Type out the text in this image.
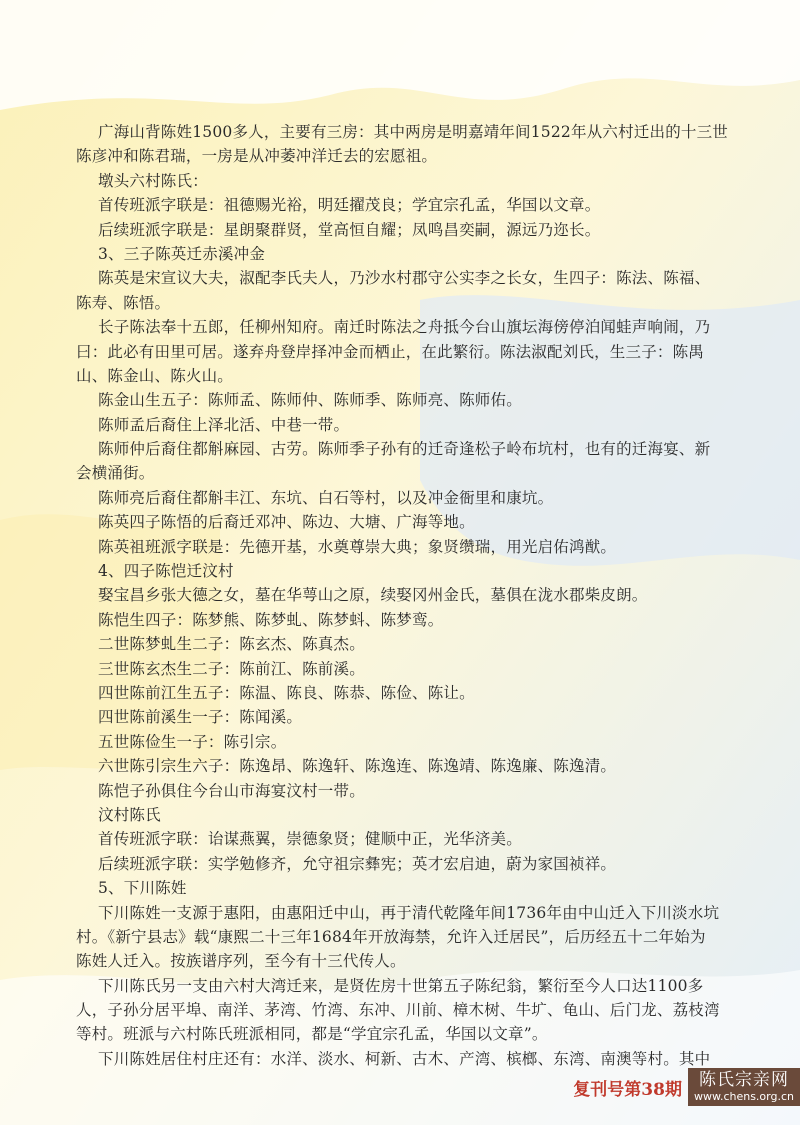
广海山背陈姓1500多人，主要有三房：其中两房是明嘉靖年间1522年从六村迁出的十三世
陈彦冲和陈君瑞，一房是从冲萎冲洋迁去的宏愿祖。
墩头六村陈氏：
首传班派字联是：祖德赐光裕，明廷擢茂良；学宜宗孔孟，华国以文章。
后续班派字联是：星朗聚群贤，堂高恒自耀；凤鸣昌奕嗣，源远乃迩长。
3、三子陈英迁赤溪冲金
陈英是宋宣议大夫，淑配李氏夫人，乃沙水村郡守公实李之长女，生四子：陈法、陈福、
陈寿、陈悟。
长子陈法奉十五郎，任柳州知府。南迁时陈法之舟抵今台山旗坛海傍停泊闻蛙声响闹，乃
曰：此必有田里可居。遂弃舟登岸择冲金而栖止，在此繁衍。陈法淑配刘氏，生三子：陈禺
山、陈金山、陈火山。
陈金山生五子：陈师孟、陈师仲、陈师季、陈师亮、陈师佑。
陈师孟后裔住上泽北活、中巷一带。
陈师仲后裔住都斛麻园、古劳。陈师季子孙有的迁奇逢松子岭布坑村，也有的迁海宴、新
会横涌街。
陈师亮后裔住都斛丰江、东坑、白石等村，以及冲金衙里和康坑。
陈英四子陈悟的后裔迁邓冲、陈边、大塘、广海等地。
陈英祖班派字联是：先德开基，水奠尊崇大典；象贤缵瑞，用光启佑鸿猷。
4、四子陈恺迁汶村
娶宝昌乡张大德之女，墓在华萼山之原，续娶冈州金氏，墓俱在泷水郡柴皮朗。
陈恺生四子：陈梦熊、陈梦虬、陈梦蚪、陈梦鸾。
二世陈梦虬生二子：陈玄杰、陈真杰。
三世陈玄杰生二子：陈前江、陈前溪。
四世陈前江生五子：陈温、陈良、陈恭、陈俭、陈让。
四世陈前溪生一子：陈闻溪。
五世陈俭生一子：陈引宗。
六世陈引宗生六子：陈逸昂、陈逸轩、陈逸连、陈逸靖、陈逸廉、陈逸清。
陈恺子孙俱住今台山市海宴汶村一带。
汶村陈氏
首传班派字联：诒谋燕翼，崇德象贤；健顺中正，光华济美。
后续班派字联：实学勉修齐，允守祖宗彝宪；英才宏启迪，蔚为家国祯祥。
5、下川陈姓
下川陈姓一支源于惠阳，由惠阳迁中山，再于清代乾隆年间1736年由中山迁入下川淡水坑
村。《新宁县志》载“康熙二十三年1684年开放海禁，允许入迁居民”，后历经五十二年始为
陈姓人迁入。按族谱序列，至今有十三代传人。
下川陈氏另一支由六村大湾迁来，是贤佐房十世第五子陈纪翁，繁衍至今人口达1100多
人，子孙分居平埠、南洋、茅湾、竹湾、东冲、川前、樟木树、牛圹、龟山、后门龙、荔枝湾
等村。班派与六村陈氏班派相同，都是“学宜宗孔孟，华国以文章”。
下川陈姓居住村庄还有：水洋、淡水、柯新、古木、产湾、槟榔、东湾、南澳等村。其中
复刊号第38期 陈氏宗亲网
www.chens.org.cn
